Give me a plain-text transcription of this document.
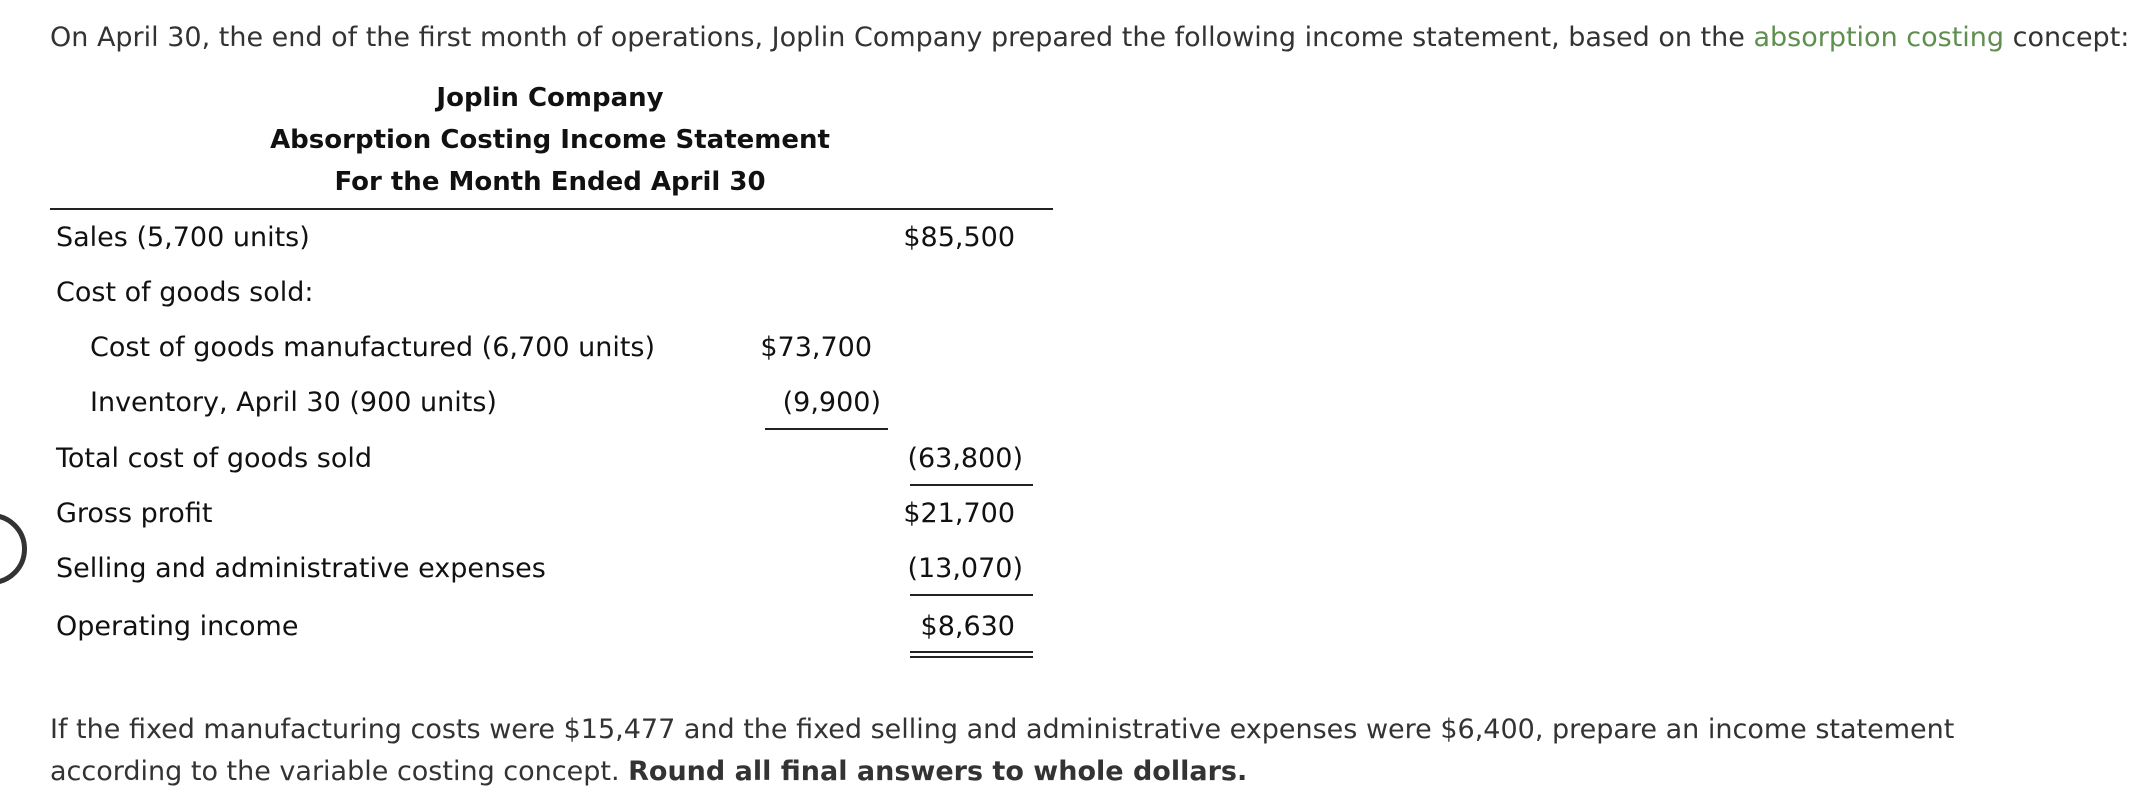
On April 30, the end of the first month of operations, Joplin Company prepared the following income statement, based on the absorption costing concept:

Joplin Company
Absorption Costing Income Statement
For the Month Ended April 30
Sales (5,700 units)	$85,500
Cost of goods sold:
Cost of goods manufactured (6,700 units)	$73,700
Inventory, April 30 (900 units)	(9,900)
Total cost of goods sold	(63,800)
Gross profit	$21,700
Selling and administrative expenses	(13,070)
Operating income	$8,630

If the fixed manufacturing costs were $15,477 and the fixed selling and administrative expenses were $6,400, prepare an income statement according to the variable costing concept. Round all final answers to whole dollars.
